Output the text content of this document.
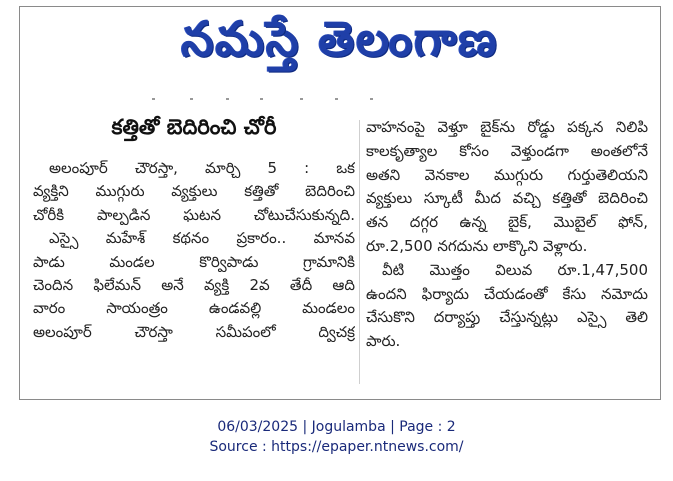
నమస్తే తెలంగాణ
కత్తితో బెదిరించి చోరీ
అలంపూర్ చౌరస్తా, మార్చి 5 : ఒక
వ్యక్తిని ముగ్గురు వ్యక్తులు కత్తితో బెదిరించి
చోరీకి పాల్పడిన ఘటన చోటుచేసుకున్నది.
ఎస్సై మహేశ్ కథనం ప్రకారం.. మానవ
పాడు మండల కొర్విపాడు గ్రామానికి
చెందిన ఫిలేమన్ అనే వ్యక్తి 2వ తేదీ ఆది
వారం సాయంత్రం ఉండవల్లి మండలం
అలంపూర్ చౌరస్తా సమీపంలో ద్విచక్ర
వాహనంపై వెళ్తూ బైక్‌ను రోడ్డు పక్కన నిలిపి
కాలకృత్యాల కోసం వెళ్తుండగా అంతలోనే
అతని వెనకాల ముగ్గురు గుర్తుతెలియని
వ్యక్తులు స్కూటీ మీద వచ్చి కత్తితో బెదిరించి
తన దగ్గర ఉన్న బైక్, మొబైల్ ఫోన్,
రూ.2,500 నగదును లాక్కొని వెళ్లారు.
వీటి మొత్తం విలువ రూ.1,47,500
ఉందని ఫిర్యాదు చేయడంతో కేసు నమోదు
చేసుకొని దర్యాప్తు చేస్తున్నట్లు ఎస్సై తెలి
పారు.
06/03/2025 | Jogulamba | Page : 2
Source : https://epaper.ntnews.com/
